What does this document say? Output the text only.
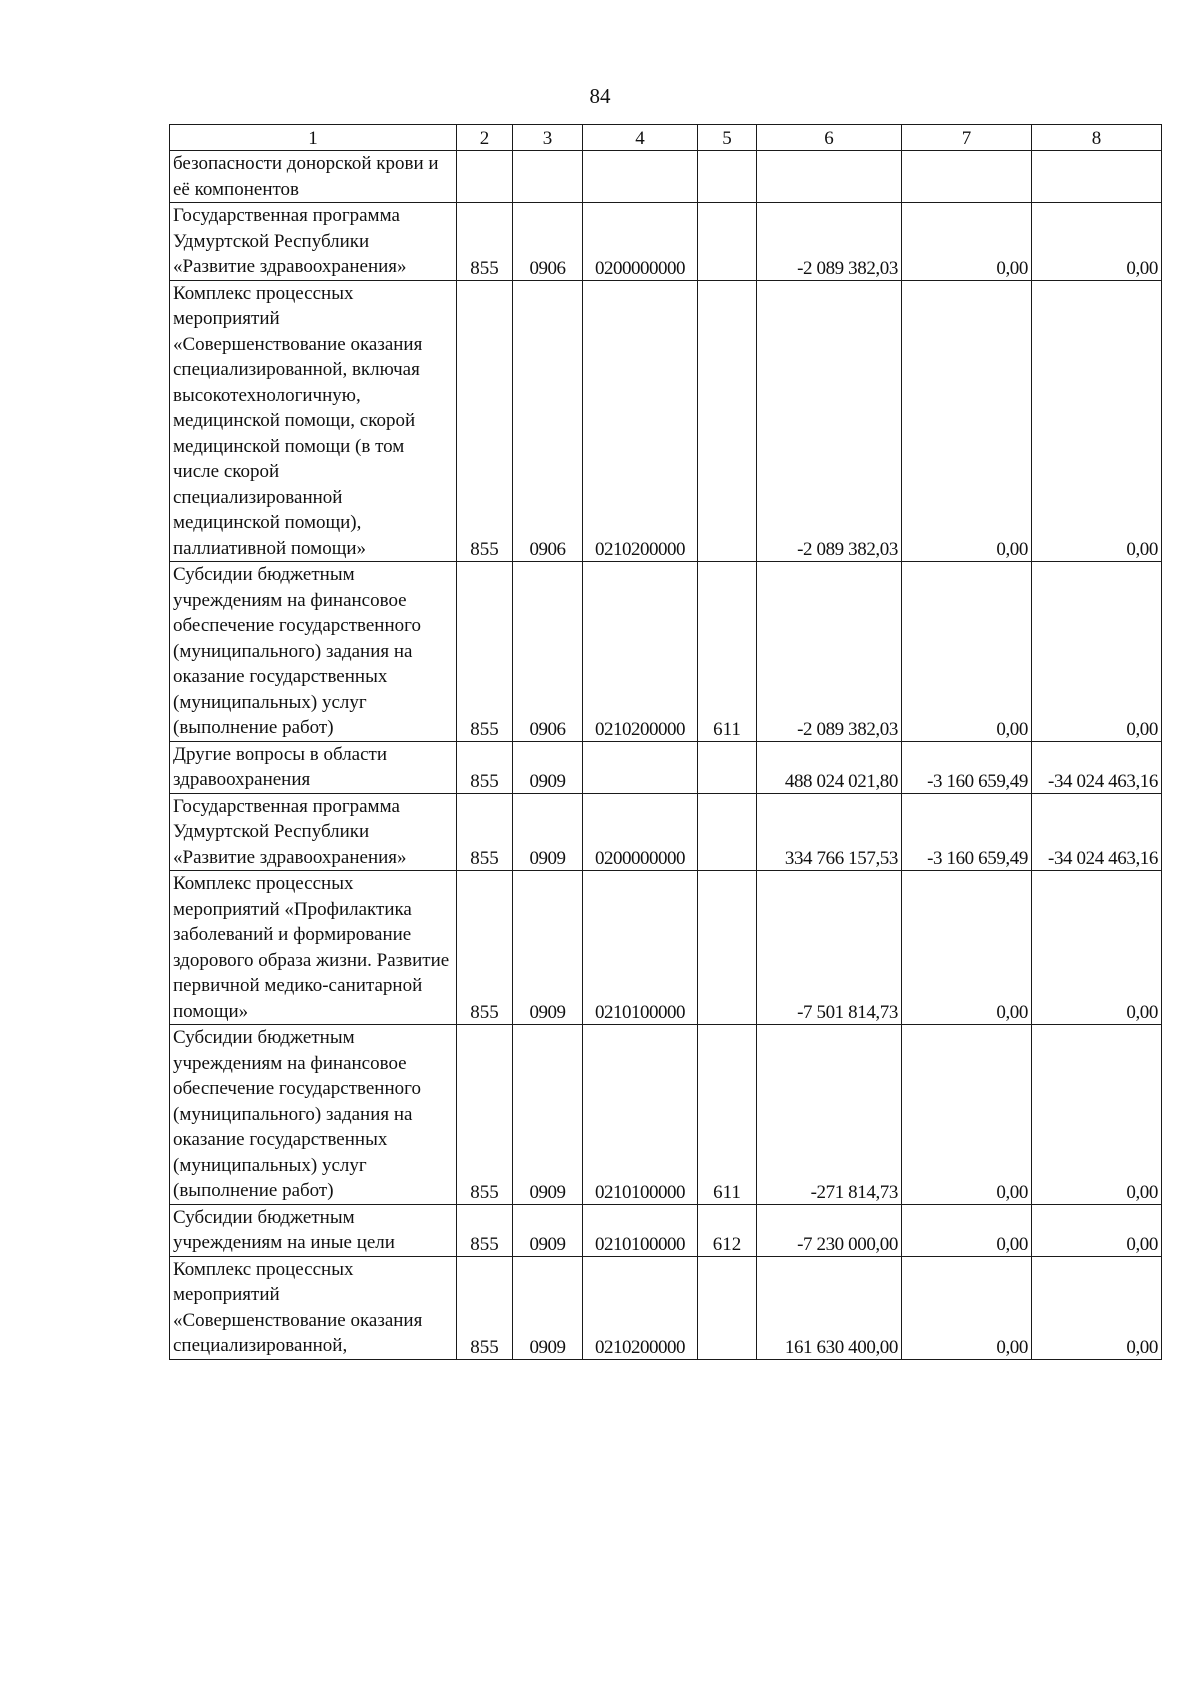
84
1	2	3	4	5	6	7	8
безопасности донорской крови и её компонентов							
Государственная программа Удмуртской Республики «Развитие здравоохранения»	855	0906	0200000000		-2 089 382,03	0,00	0,00
Комплекс процессных мероприятий «Совершенствование оказания специализированной, включая высокотехнологичную, медицинской помощи, скорой медицинской помощи (в том числе скорой специализированной медицинской помощи), паллиативной помощи»	855	0906	0210200000		-2 089 382,03	0,00	0,00
Субсидии бюджетным учреждениям на финансовое обеспечение государственного (муниципального) задания на оказание государственных (муниципальных) услуг (выполнение работ)	855	0906	0210200000	611	-2 089 382,03	0,00	0,00
Другие вопросы в области здравоохранения	855	0909			488 024 021,80	-3 160 659,49	-34 024 463,16
Государственная программа Удмуртской Республики «Развитие здравоохранения»	855	0909	0200000000		334 766 157,53	-3 160 659,49	-34 024 463,16
Комплекс процессных мероприятий «Профилактика заболеваний и формирование здорового образа жизни. Развитие первичной медико-санитарной помощи»	855	0909	0210100000		-7 501 814,73	0,00	0,00
Субсидии бюджетным учреждениям на финансовое обеспечение государственного (муниципального) задания на оказание государственных (муниципальных) услуг (выполнение работ)	855	0909	0210100000	611	-271 814,73	0,00	0,00
Субсидии бюджетным учреждениям на иные цели	855	0909	0210100000	612	-7 230 000,00	0,00	0,00
Комплекс процессных мероприятий «Совершенствование оказания специализированной,	855	0909	0210200000		161 630 400,00	0,00	0,00
